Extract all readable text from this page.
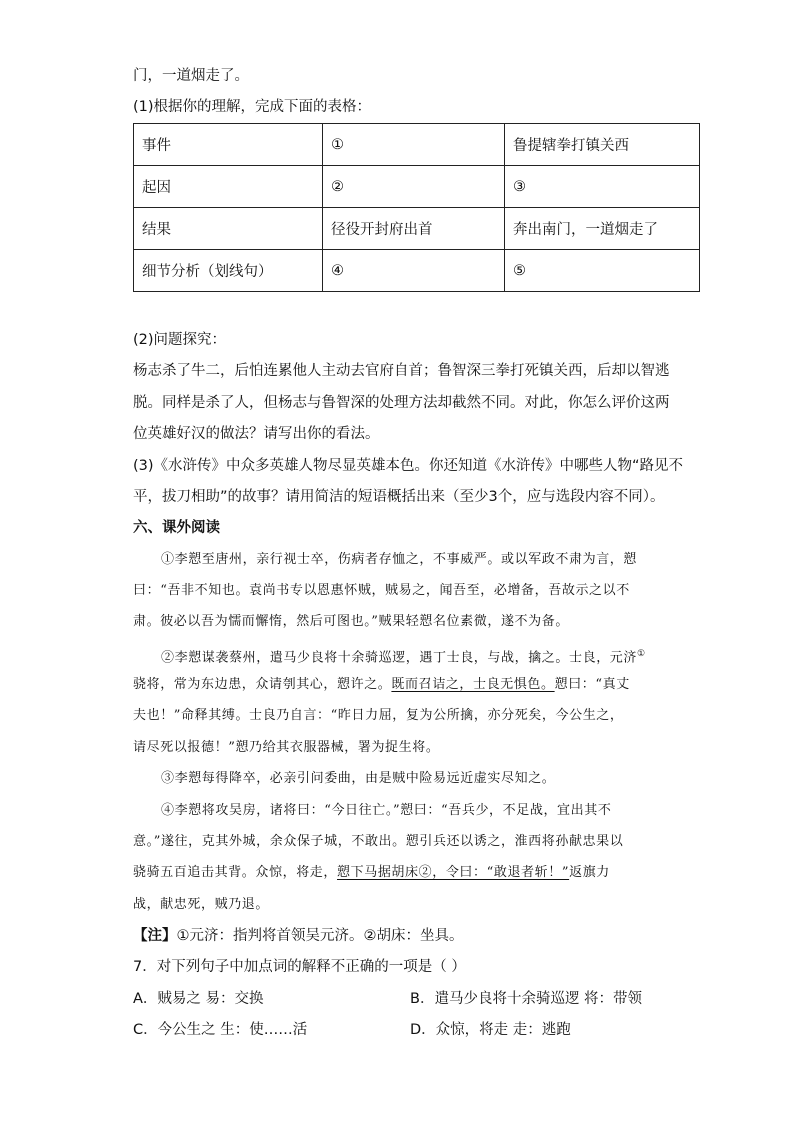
门，一道烟走了。
(1)根据你的理解，完成下面的表格：
事件	①	鲁提辖拳打镇关西
起因	②	③
结果	径役开封府出首	奔出南门，一道烟走了
细节分析（划线句）	④	⑤
(2)问题探究：
杨志杀了牛二，后怕连累他人主动去官府自首；鲁智深三拳打死镇关西，后却以智逃
脱。同样是杀了人，但杨志与鲁智深的处理方法却截然不同。对此，你怎么评价这两
位英雄好汉的做法？请写出你的看法。
(3)《水浒传》中众多英雄人物尽显英雄本色。你还知道《水浒传》中哪些人物“路见不
平，拔刀相助”的故事？请用简洁的短语概括出来（至少3个，应与选段内容不同）。
六、课外阅读
①李愬至唐州，亲行视士卒，伤病者存恤之，不事威严。或以军政不肃为言，愬
曰：“吾非不知也。袁尚书专以恩惠怀贼，贼易之，闻吾至，必增备，吾故示之以不
肃。彼必以吾为懦而懈惰，然后可图也。”贼果轻愬名位素微，遂不为备。
②李愬谋袭蔡州，遣马少良将十余骑巡逻，遇丁士良，与战，擒之。士良，元济①
骁将，常为东边患，众请刳其心，愬许之。既而召诘之，士良无惧色。愬曰：“真丈
夫也！”命释其缚。士良乃自言：“昨日力屈，复为公所擒，亦分死矣，今公生之，
请尽死以报德！”愬乃给其衣服器械，署为捉生将。
③李愬每得降卒，必亲引问委曲，由是贼中险易远近虚实尽知之。
④李愬将攻吴房，诸将曰：“今日往亡。”愬曰：“吾兵少，不足战，宜出其不
意。”遂往，克其外城，余众保子城，不敢出。愬引兵还以诱之，淮西将孙献忠果以
骁骑五百追击其背。众惊，将走，愬下马据胡床②，令曰：“敢退者斩！”返旗力
战，献忠死，贼乃退。
【注】①元济：指判将首领吴元济。②胡床：坐具。
7．对下列句子中加点词的解释不正确的一项是（ ）
A．贼易之 易：交换	B．遣马少良将十余骑巡逻 将：带领
C．今公生之 生：使……活	D．众惊，将走 走：逃跑
